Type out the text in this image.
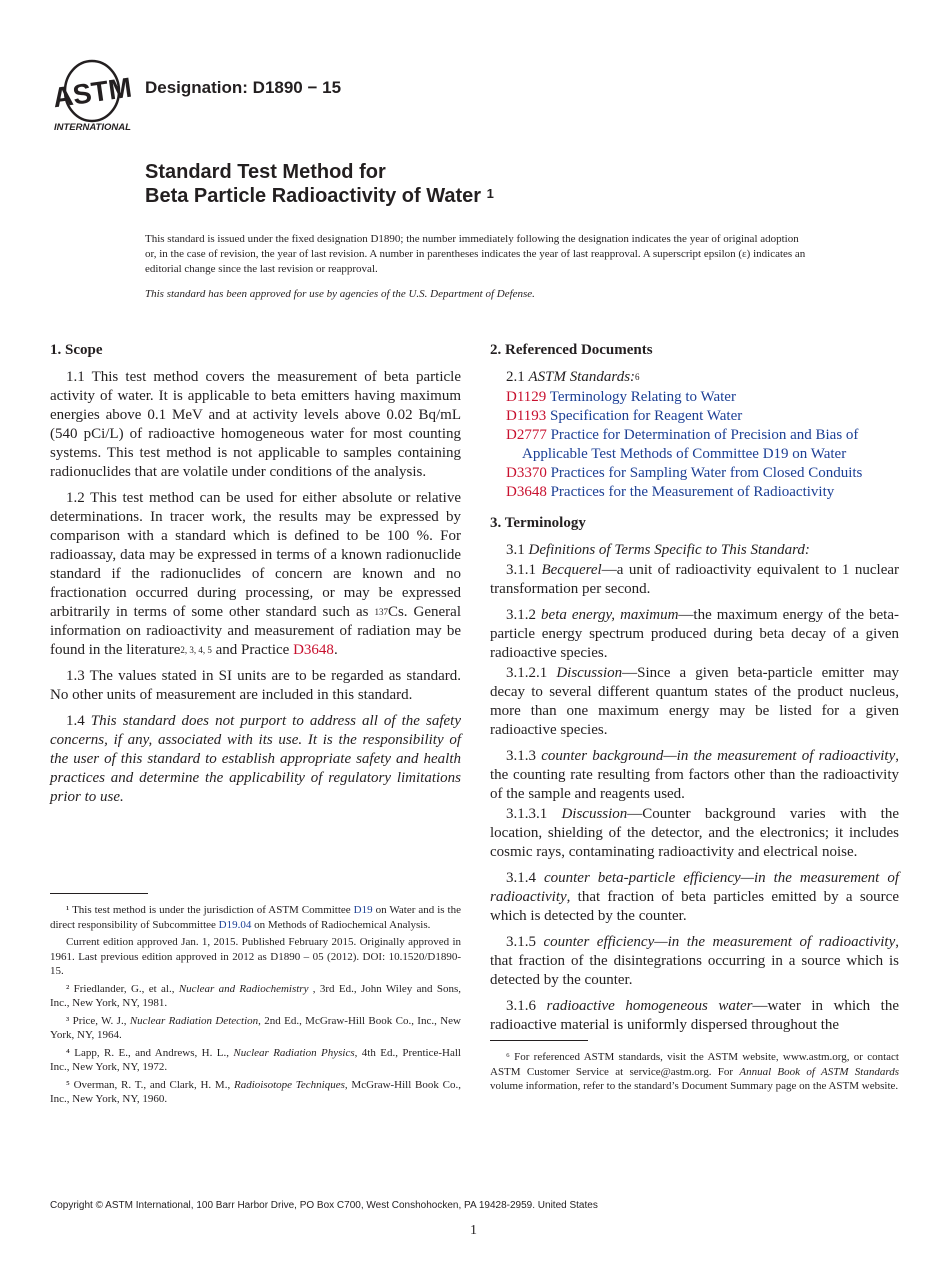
ASTM
INTERNATIONAL
Designation: D1890 − 15
Standard Test Method for
Beta Particle Radioactivity of Water $^1$

This standard is issued under the fixed designation D1890; the number immediately following the designation indicates the year of original adoption or, in the case of revision, the year of last revision. A number in parentheses indicates the year of last reapproval. A superscript epsilon (ε) indicates an editorial change since the last revision or reapproval.

This standard has been approved for use by agencies of the U.S. Department of Defense.

1. Scope

1.1 This test method covers the measurement of beta particle activity of water. It is applicable to beta emitters having maximum energies above 0.1 MeV and at activity levels above 0.02 Bq/mL (540 pCi/L) of radioactive homogeneous water for most counting systems. This test method is not applicable to samples containing radionuclides that are volatile under conditions of the analysis.

1.2 This test method can be used for either absolute or relative determinations. In tracer work, the results may be expressed by comparison with a standard which is defined to be 100 %. For radioassay, data may be expressed in terms of a known radionuclide standard if the radionuclides of concern are known and no fractionation occurred during processing, or may be expressed arbitrarily in terms of some other standard such as $^{137}$Cs. General information on radioactivity and measurement of radiation may be found in the literature$^{2, 3, 4, 5}$ and Practice D3648.

1.3 The values stated in SI units are to be regarded as standard. No other units of measurement are included in this standard.

1.4 This standard does not purport to address all of the safety concerns, if any, associated with its use. It is the responsibility of the user of this standard to establish appropriate safety and health practices and determine the applicability of regulatory limitations prior to use.

¹ This test method is under the jurisdiction of ASTM Committee D19 on Water and is the direct responsibility of Subcommittee D19.04 on Methods of Radiochemical Analysis.

Current edition approved Jan. 1, 2015. Published February 2015. Originally approved in 1961. Last previous edition approved in 2012 as D1890 – 05 (2012). DOI: 10.1520/D1890-15.

² Friedlander, G., et al., Nuclear and Radiochemistry , 3rd Ed., John Wiley and Sons, Inc., New York, NY, 1981.

³ Price, W. J., Nuclear Radiation Detection, 2nd Ed., McGraw-Hill Book Co., Inc., New York, NY, 1964.

⁴ Lapp, R. E., and Andrews, H. L., Nuclear Radiation Physics, 4th Ed., Prentice-Hall Inc., New York, NY, 1972.

⁵ Overman, R. T., and Clark, H. M., Radioisotope Techniques, McGraw-Hill Book Co., Inc., New York, NY, 1960.

2. Referenced Documents
2.1 ASTM Standards:$^6$
D1129 Terminology Relating to Water
D1193 Specification for Reagent Water
D2777 Practice for Determination of Precision and Bias of Applicable Test Methods of Committee D19 on Water
D3370 Practices for Sampling Water from Closed Conduits
D3648 Practices for the Measurement of Radioactivity
3. Terminology

3.1 Definitions of Terms Specific to This Standard:

3.1.1 Becquerel—a unit of radioactivity equivalent to 1 nuclear transformation per second.

3.1.2 beta energy, maximum—the maximum energy of the beta-particle energy spectrum produced during beta decay of a given radioactive species.

3.1.2.1 Discussion—Since a given beta-particle emitter may decay to several different quantum states of the product nucleus, more than one maximum energy may be listed for a given radioactive species.

3.1.3 counter background—in the measurement of radioactivity, the counting rate resulting from factors other than the radioactivity of the sample and reagents used.

3.1.3.1 Discussion—Counter background varies with the location, shielding of the detector, and the electronics; it includes cosmic rays, contaminating radioactivity and electrical noise.

3.1.4 counter beta-particle efficiency—in the measurement of radioactivity, that fraction of beta particles emitted by a source which is detected by the counter.

3.1.5 counter efficiency—in the measurement of radioactivity, that fraction of the disintegrations occurring in a source which is detected by the counter.

3.1.6 radioactive homogeneous water—water in which the radioactive material is uniformly dispersed throughout the

⁶ For referenced ASTM standards, visit the ASTM website, www.astm.org, or contact ASTM Customer Service at service@astm.org. For Annual Book of ASTM Standards volume information, refer to the standard’s Document Summary page on the ASTM website.

Copyright © ASTM International, 100 Barr Harbor Drive, PO Box C700, West Conshohocken, PA 19428-2959. United States
1
